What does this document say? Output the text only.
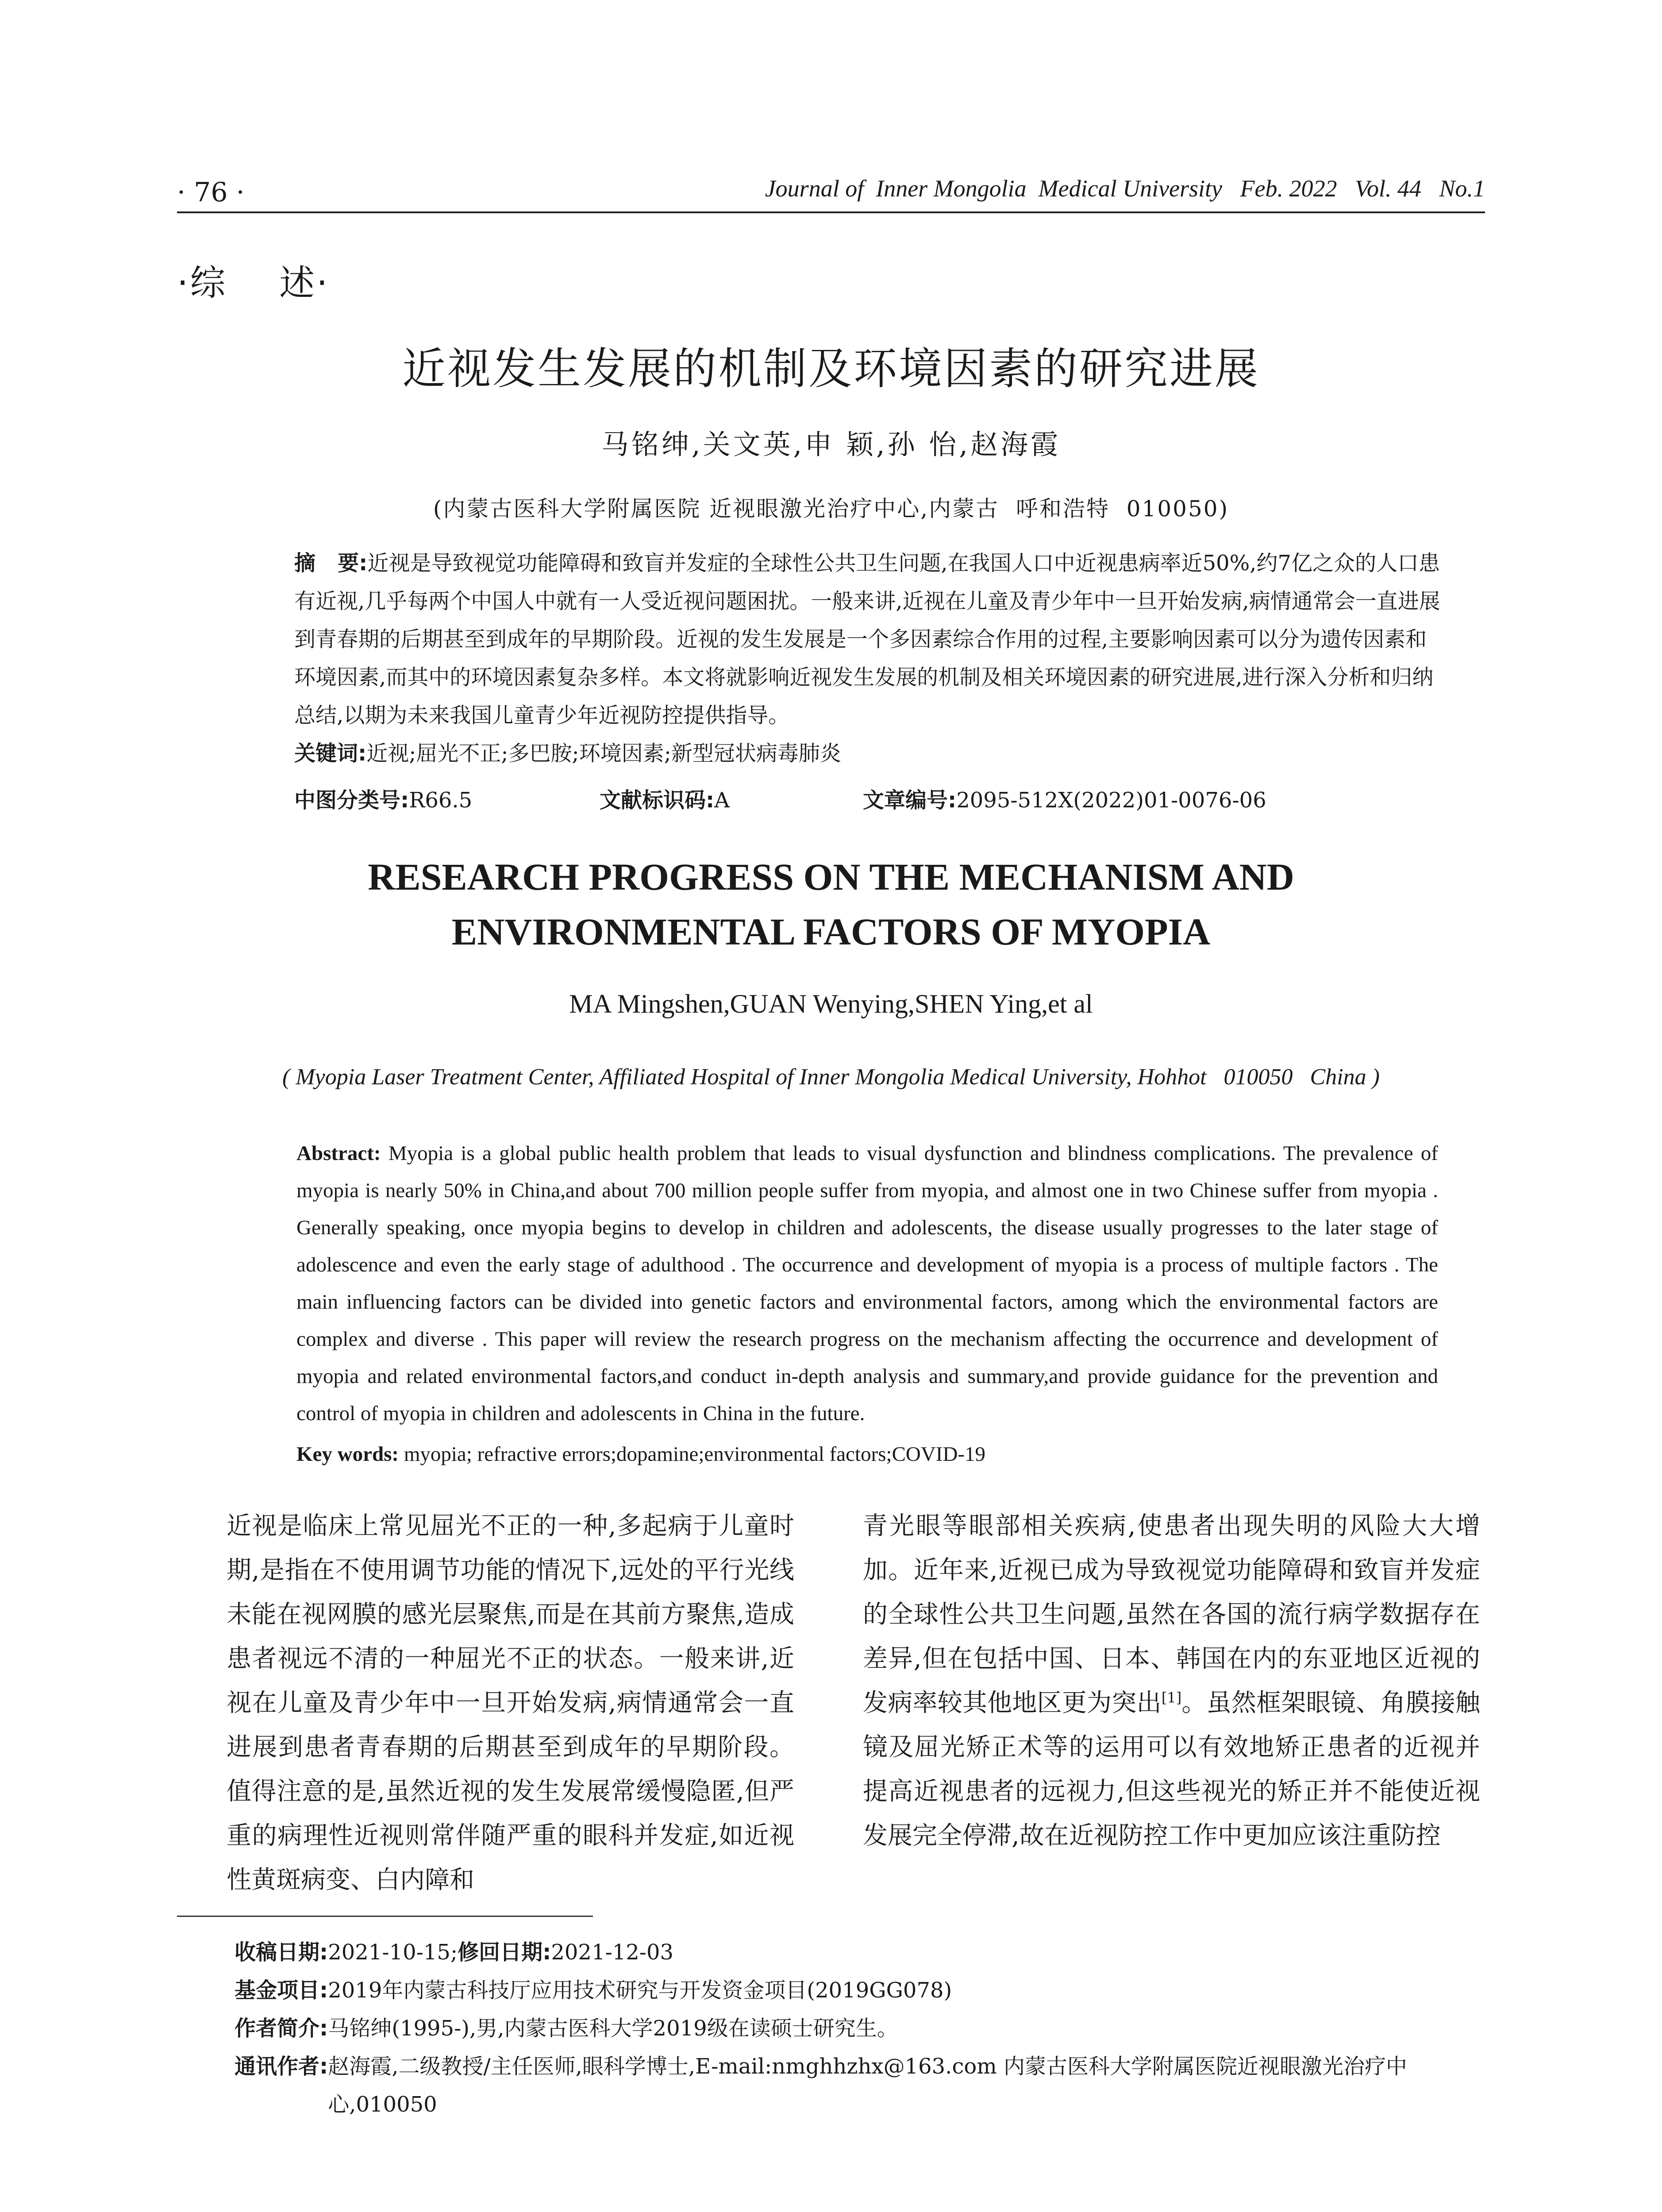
· 76 ·	Journal of  Inner Mongolia  Medical University   Feb. 2022   Vol. 44   No.1
·综    述·
近视发生发展的机制及环境因素的研究进展
马铭绅,关文英,申 颖,孙 怡,赵海霞
(内蒙古医科大学附属医院 近视眼激光治疗中心,内蒙古  呼和浩特  010050)
摘   要:近视是导致视觉功能障碍和致盲并发症的全球性公共卫生问题,在我国人口中近视患病率近50%,约7亿之众的人口患有近视,几乎每两个中国人中就有一人受近视问题困扰。一般来讲,近视在儿童及青少年中一旦开始发病,病情通常会一直进展到青春期的后期甚至到成年的早期阶段。近视的发生发展是一个多因素综合作用的过程,主要影响因素可以分为遗传因素和环境因素,而其中的环境因素复杂多样。本文将就影响近视发生发展的机制及相关环境因素的研究进展,进行深入分析和归纳总结,以期为未来我国儿童青少年近视防控提供指导。
关键词:近视;屈光不正;多巴胺;环境因素;新型冠状病毒肺炎
中图分类号:R66.5	文献标识码:A	文章编号:2095-512X(2022)01-0076-06
RESEARCH PROGRESS ON THE MECHANISM AND
ENVIRONMENTAL FACTORS OF MYOPIA
MA Mingshen,GUAN Wenying,SHEN Ying,et al
( Myopia Laser Treatment Center, Affiliated Hospital of Inner Mongolia Medical University, Hohhot   010050   China )
Abstract: Myopia is a global public health problem that leads to visual dysfunction and blindness complications. The prevalence of myopia is nearly 50% in China,and about 700 million people suffer from myopia, and almost one in two Chinese suffer from myopia . Generally speaking, once myopia begins to develop in children and adolescents, the disease usually progresses to the later stage of adolescence and even the early stage of adulthood . The occurrence and development of myopia is a process of multiple factors . The main influencing factors can be divided into genetic factors and environmental factors, among which the environmental factors are complex and diverse . This paper will review the research progress on the mechanism affecting the occurrence and development of myopia and related environmental factors,and conduct in-depth analysis and summary,and provide guidance for the prevention and control of myopia in children and adolescents in China in the future.
Key words: myopia; refractive errors;dopamine;environmental factors;COVID-19
近视是临床上常见屈光不正的一种,多起病于儿童时期,是指在不使用调节功能的情况下,远处的平行光线未能在视网膜的感光层聚焦,而是在其前方聚焦,造成患者视远不清的一种屈光不正的状态。一般来讲,近视在儿童及青少年中一旦开始发病,病情通常会一直进展到患者青春期的后期甚至到成年的早期阶段。值得注意的是,虽然近视的发生发展常缓慢隐匿,但严重的病理性近视则常伴随严重的眼科并发症,如近视性黄斑病变、白内障和
青光眼等眼部相关疾病,使患者出现失明的风险大大增加。近年来,近视已成为导致视觉功能障碍和致盲并发症的全球性公共卫生问题,虽然在各国的流行病学数据存在差异,但在包括中国、日本、韩国在内的东亚地区近视的发病率较其他地区更为突出[1]。虽然框架眼镜、角膜接触镜及屈光矫正术等的运用可以有效地矫正患者的近视并提高近视患者的远视力,但这些视光的矫正并不能使近视发展完全停滞,故在近视防控工作中更加应该注重防控
收稿日期: 2021-10-15; 修回日期: 2021-12-03
基金项目: 2019年内蒙古科技厅应用技术研究与开发资金项目(2019GG078)
作者简介: 马铭绅(1995-),男,内蒙古医科大学2019级在读硕士研究生。
通讯作者: 赵海霞,二级教授/主任医师,眼科学博士,E-mail:nmghhzhx@163.com 内蒙古医科大学附属医院近视眼激光治疗中心,010050
